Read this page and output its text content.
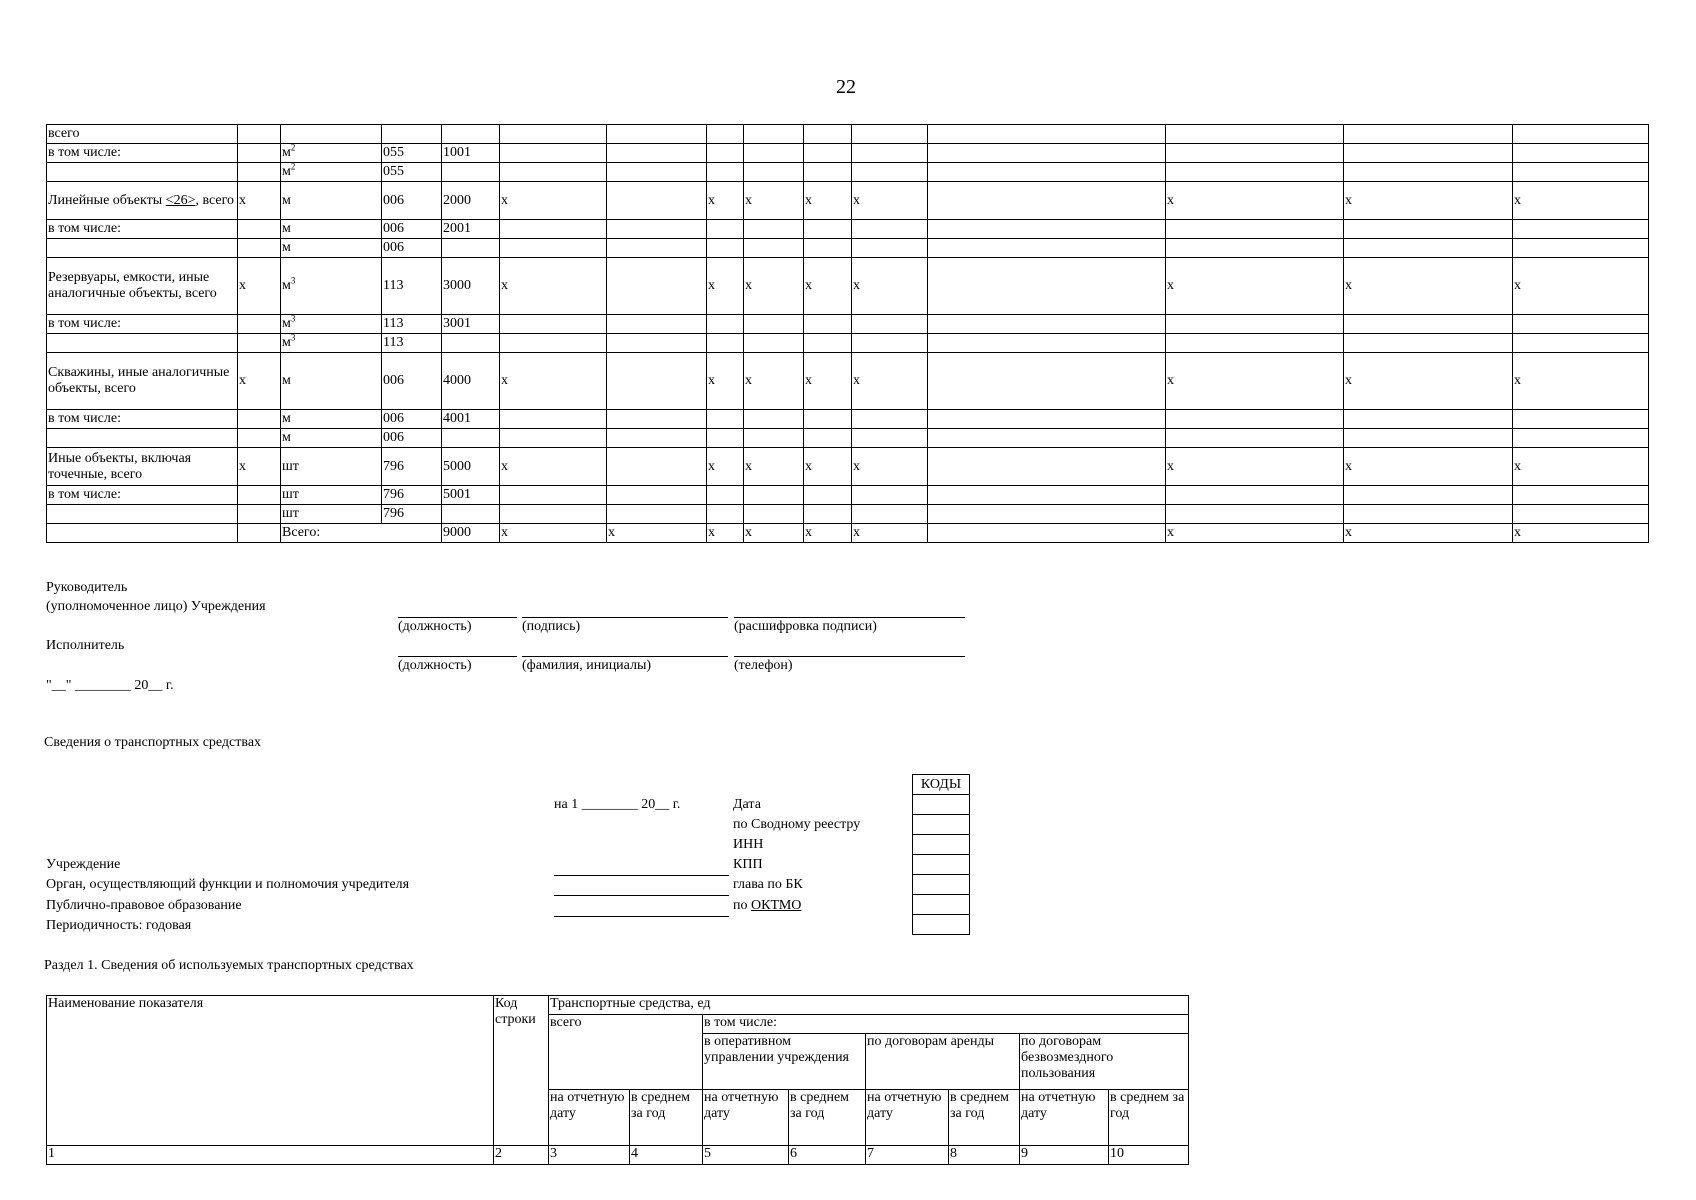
22
всего														
в том числе:		$м^2$	055	1001										
		$м^2$	055											
Линейные объекты <26>, всего	x	м	006	2000	x		x	x	x	x		x	x	x
в том числе:		м	006	2001										
		м	006											
Резервуары, емкости, иные аналогичные объекты, всего	x	$м^3$	113	3000	x		x	x	x	x		x	x	x
в том числе:		$м^3$	113	3001										
		$м^3$	113											
Скважины, иные аналогичные объекты, всего	x	м	006	4000	x		x	x	x	x		x	x	x
в том числе:		м	006	4001										
		м	006											
Иные объекты, включая точечные, всего	x	шт	796	5000	x		x	x	x	x		x	x	x
в том числе:		шт	796	5001										
		шт	796											
		Всего:		9000	x	x	x	x	x	x		x	x	x
Руководитель
(уполномоченное лицо) Учреждения
(должность)	(подпись)	(расшифровка подписи)
Исполнитель
(должность)	(фамилия, инициалы)	(телефон)
"__" ________ 20__ г.
Сведения о транспортных средствах
КОДЫ

на 1 ________ 20__ г.	Дата
по Сводному реестру
ИНН
КПП
глава по БК
по ОКТМО
Учреждение
Орган, осуществляющий функции и полномочия учредителя
Публично-правовое образование
Периодичность: годовая
Раздел 1. Сведения об используемых транспортных средствах
Наименование показателя	Код строки	Транспортные средства, ед							
		всего		в том числе:					
				в оперативном управлении учреждения		по договорам аренды		по договорам безвозмездного пользования	
		на отчетную дату	в среднем за год	на отчетную дату	в среднем за год	на отчетную дату	в среднем за год	на отчетную дату	в среднем за год
1	2	3	4	5	6	7	8	9	10
